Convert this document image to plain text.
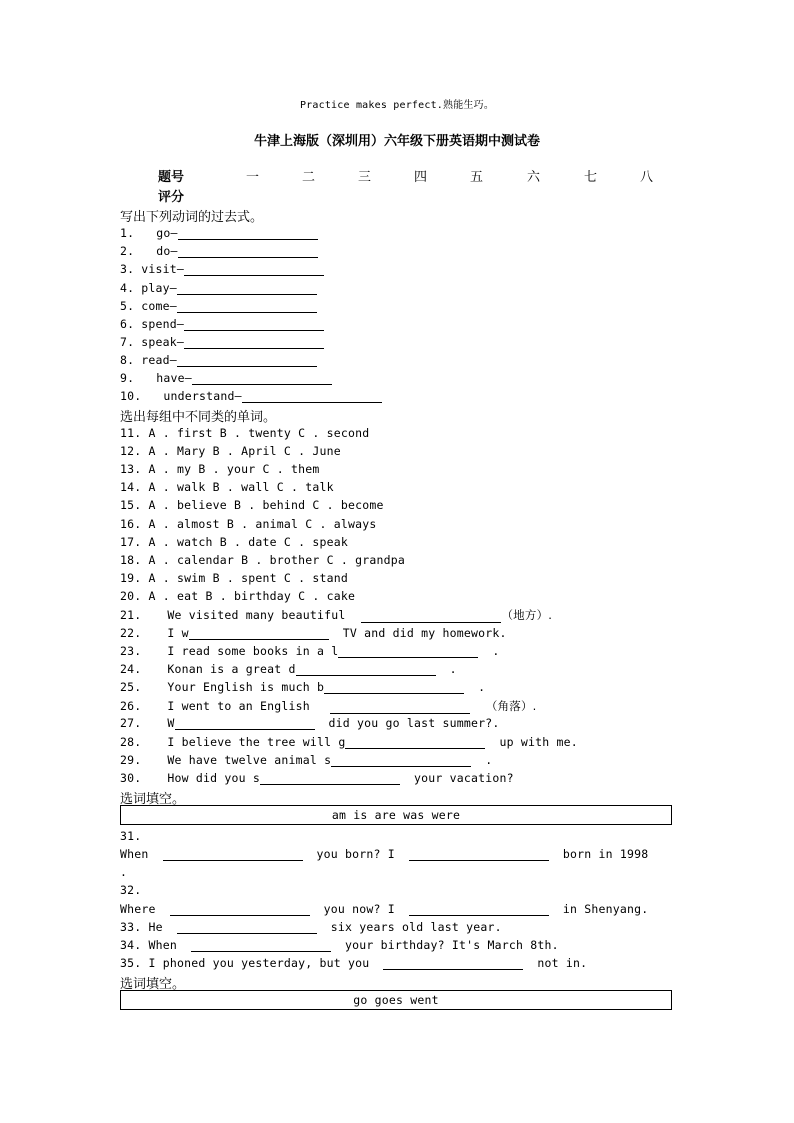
Practice makes perfect.熟能生巧。
牛津上海版（深圳用）六年级下册英语期中测试卷
题号	一	二	三	四	五	六	七	八
评分
写出下列动词的过去式。
1. go—
2. do—
3. visit—
4. play—
5. come—
6. spend—
7. speak—
8. read—
9. have—
10. understand—
选出每组中不同类的单词。
11. A . first B . twenty C . second
12. A . Mary B . April C . June
13. A . my B . your C . them
14. A . walk B . wall C . talk
15. A . believe B . behind C . become
16. A . almost B . animal C . always
17. A . watch B . date C . speak
18. A . calendar B . brother C . grandpa
19. A . swim B . spent C . stand
20. A . eat B . birthday C . cake
21. We visited many beautiful	（地方）.
22. I w	TV and did my homework.
23. I read some books in a l	.
24. Konan is a great d	.
25. Your English is much b	.
26. I went to an English	（角落）.
27. W	did you go last summer?.
28. I believe the tree will g	up with me.
29. We have twelve animal s	.
30. How did you s	your vacation?
选词填空。
am is are was were
31.
When	you born? I	born in 1998
.
32.
Where	you now? I	in Shenyang.
33. He	six years old last year.
34. When	your birthday? It's March 8th.
35. I phoned you yesterday, but you	not in.
选词填空。
go goes went
